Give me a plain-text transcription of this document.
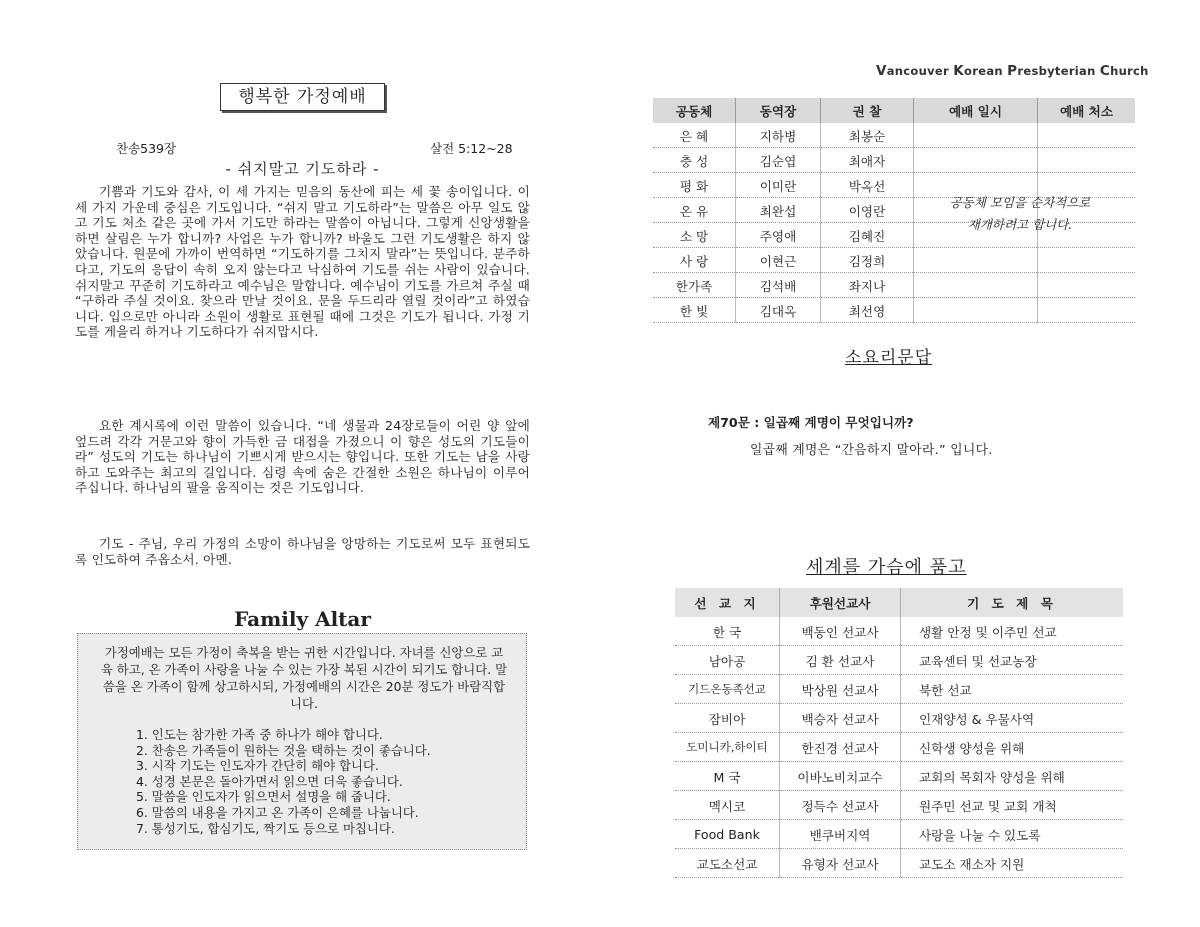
행복한 가정예배
찬송539장	살전 5:12~28
- 쉬지말고 기도하라 -
기쁨과 기도와 감사, 이 세 가지는 믿음의 동산에 피는 세 꽃 송이입니다. 이 세 가지 가운데 중심은 기도입니다. “쉬지 말고 기도하라”는 말씀은 아무 일도 않고 기도 처소 같은 곳에 가서 기도만 하라는 말씀이 아닙니다. 그렇게 신앙생활을 하면 살림은 누가 합니까? 사업은 누가 합니까? 바울도 그런 기도생활은 하지 않았습니다. 원문에 가까이 번역하면 “기도하기를 그치지 말라”는 뜻입니다. 분주하다고, 기도의 응답이 속히 오지 않는다고 낙심하여 기도를 쉬는 사람이 있습니다. 쉬지말고 꾸준히 기도하라고 예수님은 말합니다. 예수님이 기도를 가르쳐 주실 때 “구하라 주실 것이요. 찾으라 만날 것이요. 문을 두드리라 열릴 것이라”고 하였습니다. 입으로만 아니라 소원이 생활로 표현될 때에 그것은 기도가 됩니다. 가정 기도를 게을리 하거나 기도하다가 쉬지맙시다.
요한 계시록에 이런 말씀이 있습니다. “네 생물과 24장로들이 어린 양 앞에 엎드려 각각 거문고와 향이 가득한 금 대접을 가졌으니 이 향은 성도의 기도들이라” 성도의 기도는 하나님이 기쁘시게 받으시는 향입니다. 또한 기도는 남을 사랑하고 도와주는 최고의 길입니다. 심령 속에 숨은 간절한 소원은 하나님이 이루어 주십니다. 하나님의 팔을 움직이는 것은 기도입니다.
기도 - 주님, 우리 가정의 소망이 하나님을 앙망하는 기도로써 모두 표현되도록 인도하여 주옵소서. 아멘.
Family Altar
가정예배는 모든 가정이 축복을 받는 귀한 시간입니다. 자녀를 신앙으로 교육 하고, 온 가족이 사랑을 나눌 수 있는 가장 복된 시간이 되기도 합니다. 말씀을 온 가족이 함께 상고하시되, 가정예배의 시간은 20분 정도가 바람직합니다.
1. 인도는 참가한 가족 중 하나가 해야 합니다.
2. 찬송은 가족들이 원하는 것을 택하는 것이 좋습니다.
3. 시작 기도는 인도자가 간단히 해야 합니다.
4. 성경 본문은 돌아가면서 읽으면 더욱 좋습니다.
5. 말씀을 인도자가 읽으면서 설명을 해 줍니다.
6. 말씀의 내용을 가지고 온 가족이 은혜를 나눕니다.
7. 통성기도, 합심기도, 짝기도 등으로 마칩니다.
Vancouver Korean Presbyterian Church
공동체	동역장	권 찰	예배 일시	예배 처소
은 혜	지하병	최봉순		
충 성	김순엽	최애자		
평 화	이미란	박옥선		
온 유	최완섭	이영란		
소 망	주영애	김혜진		
사 랑	이현근	김정희		
한가족	김석배	좌지나		
한 빛	김대옥	최선영		
공동체 모임을 순차적으로
재개하려고 합니다.
소요리문답
제70문 : 일곱째 계명이 무엇입니까?
일곱째 계명은 “간음하지 말아라.” 입니다.
세계를 가슴에 품고
선 교 지	후원선교사	기 도 제 목
한 국	백동인 선교사	생활 안정 및 이주민 선교
남아공	김 환 선교사	교육센터 및 선교농장
기드온동족선교	박상원 선교사	북한 선교
잠비아	백승자 선교사	인재양성 & 우물사역
도미니카,하이티	한진경 선교사	신학생 양성을 위해
M 국	이바노비치교수	교회의 목회자 양성을 위해
멕시코	정득수 선교사	원주민 선교 및 교회 개척
Food Bank	밴쿠버지역	사랑을 나눌 수 있도록
교도소선교	유형자 선교사	교도소 재소자 지원
